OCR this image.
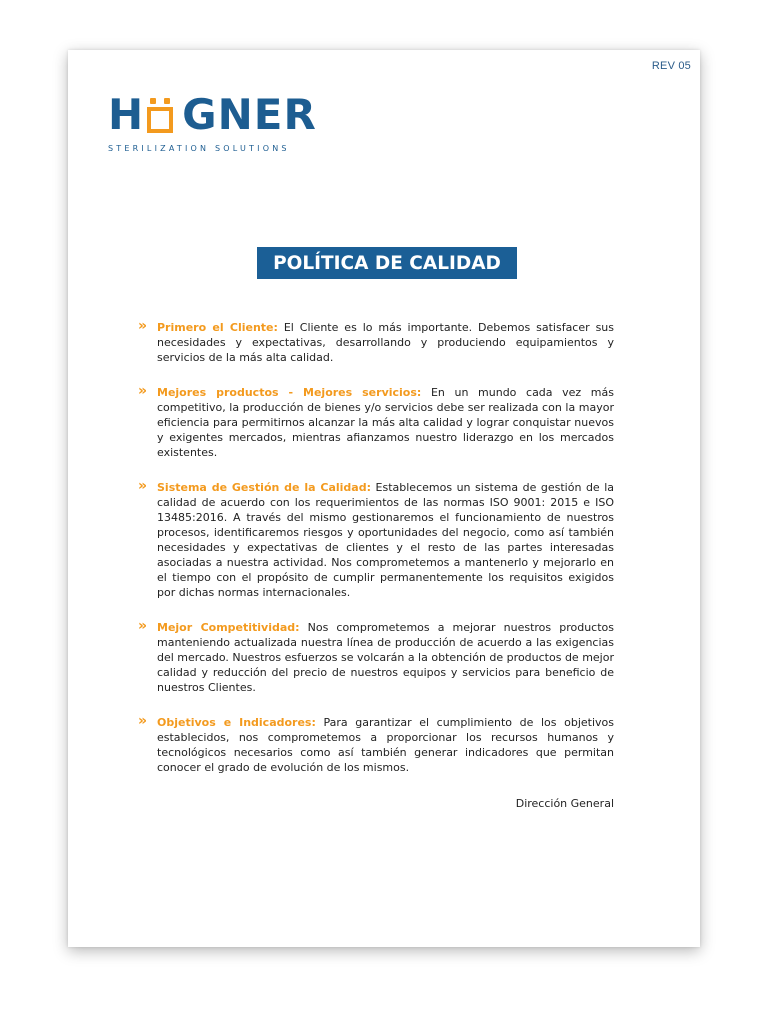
REV 05
H GNER
STERILIZATION SOLUTIONS
POLÍTICA DE CALIDAD
» Primero el Cliente: El Cliente es lo más importante. Debemos satisfacer sus necesidades y expectativas, desarrollando y produciendo equipamientos y servicios de la más alta calidad.

» Mejores productos - Mejores servicios: En un mundo cada vez más competitivo, la producción de bienes y/o servicios debe ser realizada con la mayor eficiencia para permitirnos alcanzar la más alta calidad y lograr conquistar nuevos y exigentes mercados, mientras afianzamos nuestro liderazgo en los mercados existentes.

» Sistema de Gestión de la Calidad: Establecemos un sistema de gestión de la calidad de acuerdo con los requerimientos de las normas ISO 9001: 2015 e ISO 13485:2016. A través del mismo gestionaremos el funcionamiento de nuestros procesos, identificaremos riesgos y oportunidades del negocio, como así también necesidades y expectativas de clientes y el resto de las partes interesadas asociadas a nuestra actividad. Nos comprometemos a mantenerlo y mejorarlo en el tiempo con el propósito de cumplir permanentemente los requisitos exigidos por dichas normas internacionales.

» Mejor Competitividad: Nos comprometemos a mejorar nuestros productos manteniendo actualizada nuestra línea de producción de acuerdo a las exigencias del mercado. Nuestros esfuerzos se volcarán a la obtención de productos de mejor calidad y reducción del precio de nuestros equipos y servicios para beneficio de nuestros Clientes.

» Objetivos e Indicadores: Para garantizar el cumplimiento de los objetivos establecidos, nos comprometemos a proporcionar los recursos humanos y tecnológicos necesarios como así también generar indicadores que permitan conocer el grado de evolución de los mismos.

Dirección General
